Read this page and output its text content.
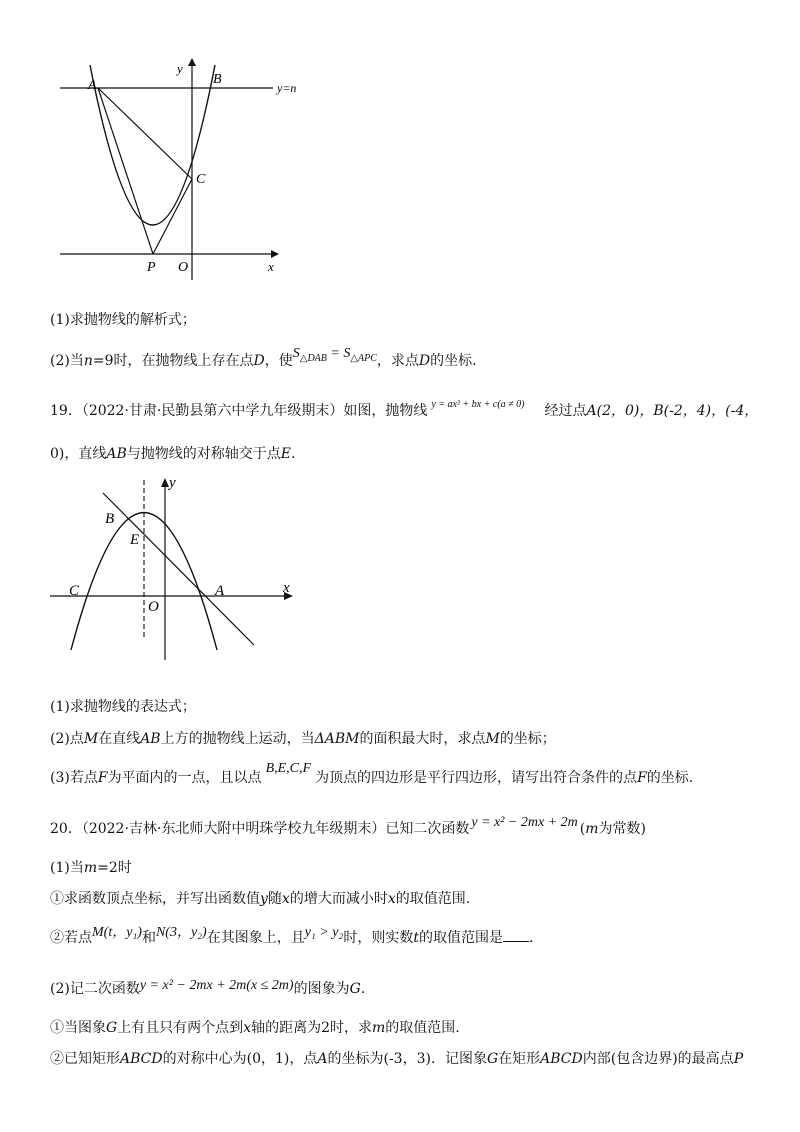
A	B
C
P O	x
y
y=n
(1)求抛物线的解析式；
(2)当n=9时，在抛物线上存在点D，使$S_{\triangle DAB} = S_{\triangle APC}$，求点D的坐标.
19．（2022·甘肃·民勤县第六中学九年级期末）如图，抛物线 $^{y = ax^2 + bx + c(a \ne 0)}$ 经过点A(2，0)，B(-2，4)，(-4，
0)，直线AB与抛物线的对称轴交于点E.
y
B
E
C	A	x
O
(1)求抛物线的表达式；
(2)点M在直线AB上方的抛物线上运动，当ΔABM的面积最大时，求点M的坐标；
(3)若点F为平面内的一点，且以点B,E,C,F为顶点的四边形是平行四边形，请写出符合条件的点F的坐标.
20．（2022·吉林·东北师大附中明珠学校九年级期末）已知二次函数 y = x² − 2mx + 2m (m为常数)
(1)当m=2时
①求函数顶点坐标，并写出函数值y随x的增大而减小时x的取值范围.
②若点M(t，y₁)和N(3，y₂)在其图象上，且y₁ > y₂时，则实数t的取值范围是 .
(2)记二次函数y = x² − 2mx + 2m(x ≤ 2m)的图象为G.
①当图象G上有且只有两个点到x轴的距离为2时，求m的取值范围.
②已知矩形ABCD的对称中心为(0，1)，点A的坐标为(-3，3)．记图象G在矩形ABCD内部(包含边界)的最高点P
